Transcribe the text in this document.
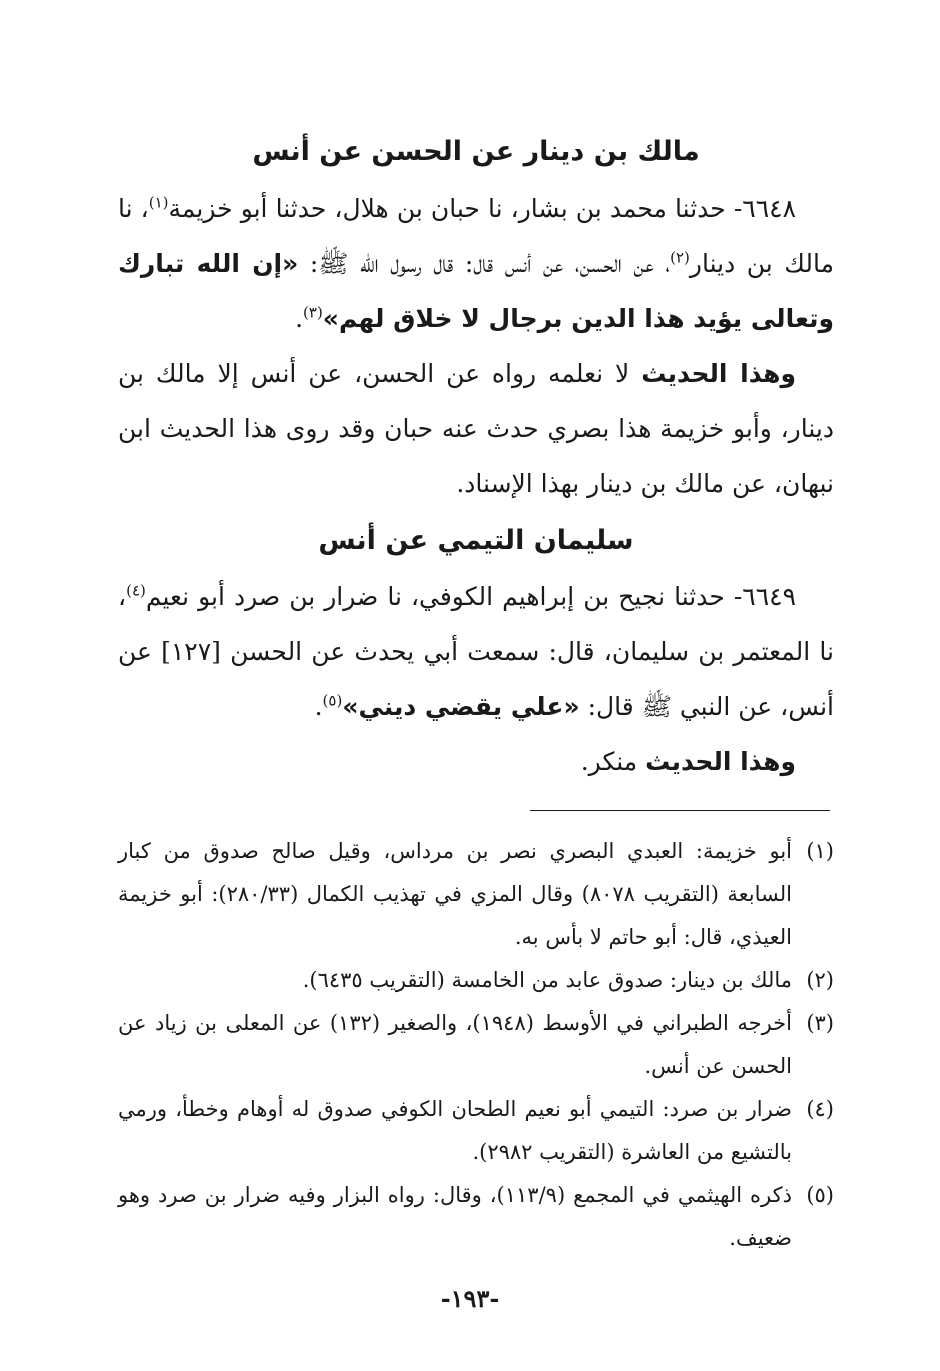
مالك بن دينار عن الحسن عن أنس

٦٦٤٨- حدثنا محمد بن بشار، نا حبان بن هلال، حدثنا أبو خزيمة$^{(١)}$، نا مالك بن دينار$^{(٢)}$، عن الحسن، عن أنس قال: قال رسول الله ﷺ: «إن الله تبارك وتعالى يؤيد هذا الدين برجال لا خلاق لهم»$^{(٣)}$.

وهذا الحديث لا نعلمه رواه عن الحسن، عن أنس إلا مالك بن دينار، وأبو خزيمة هذا بصري حدث عنه حبان وقد روى هذا الحديث ابن نبهان، عن مالك بن دينار بهذا الإسناد.

سليمان التيمي عن أنس

٦٦٤٩- حدثنا نجيح بن إبراهيم الكوفي، نا ضرار بن صرد أبو نعيم$^{(٤)}$، نا المعتمر بن سليمان، قال: سمعت أبي يحدث عن الحسن [١٢٧] عن أنس، عن النبي ﷺ قال: «علي يقضي ديني»$^{(٥)}$.

وهذا الحديث منكر.

(١)
أبو خزيمة: العبدي البصري نصر بن مرداس، وقيل صالح صدوق من كبار السابعة (التقريب ٨٠٧٨) وقال المزي في تهذيب الكمال (٢٨٠/٣٣): أبو خزيمة العيذي، قال: أبو حاتم لا بأس به.

(٢)
مالك بن دينار: صدوق عابد من الخامسة (التقريب ٦٤٣٥).

(٣)
أخرجه الطبراني في الأوسط (١٩٤٨)، والصغير (١٣٢) عن المعلى بن زياد عن الحسن عن أنس.

(٤)
ضرار بن صرد: التيمي أبو نعيم الطحان الكوفي صدوق له أوهام وخطأ، ورمي بالتشيع من العاشرة (التقريب ٢٩٨٢).

(٥)
ذكره الهيثمي في المجمع (١١٣/٩)، وقال: رواه البزار وفيه ضرار بن صرد وهو ضعيف.

-١٩٣-
